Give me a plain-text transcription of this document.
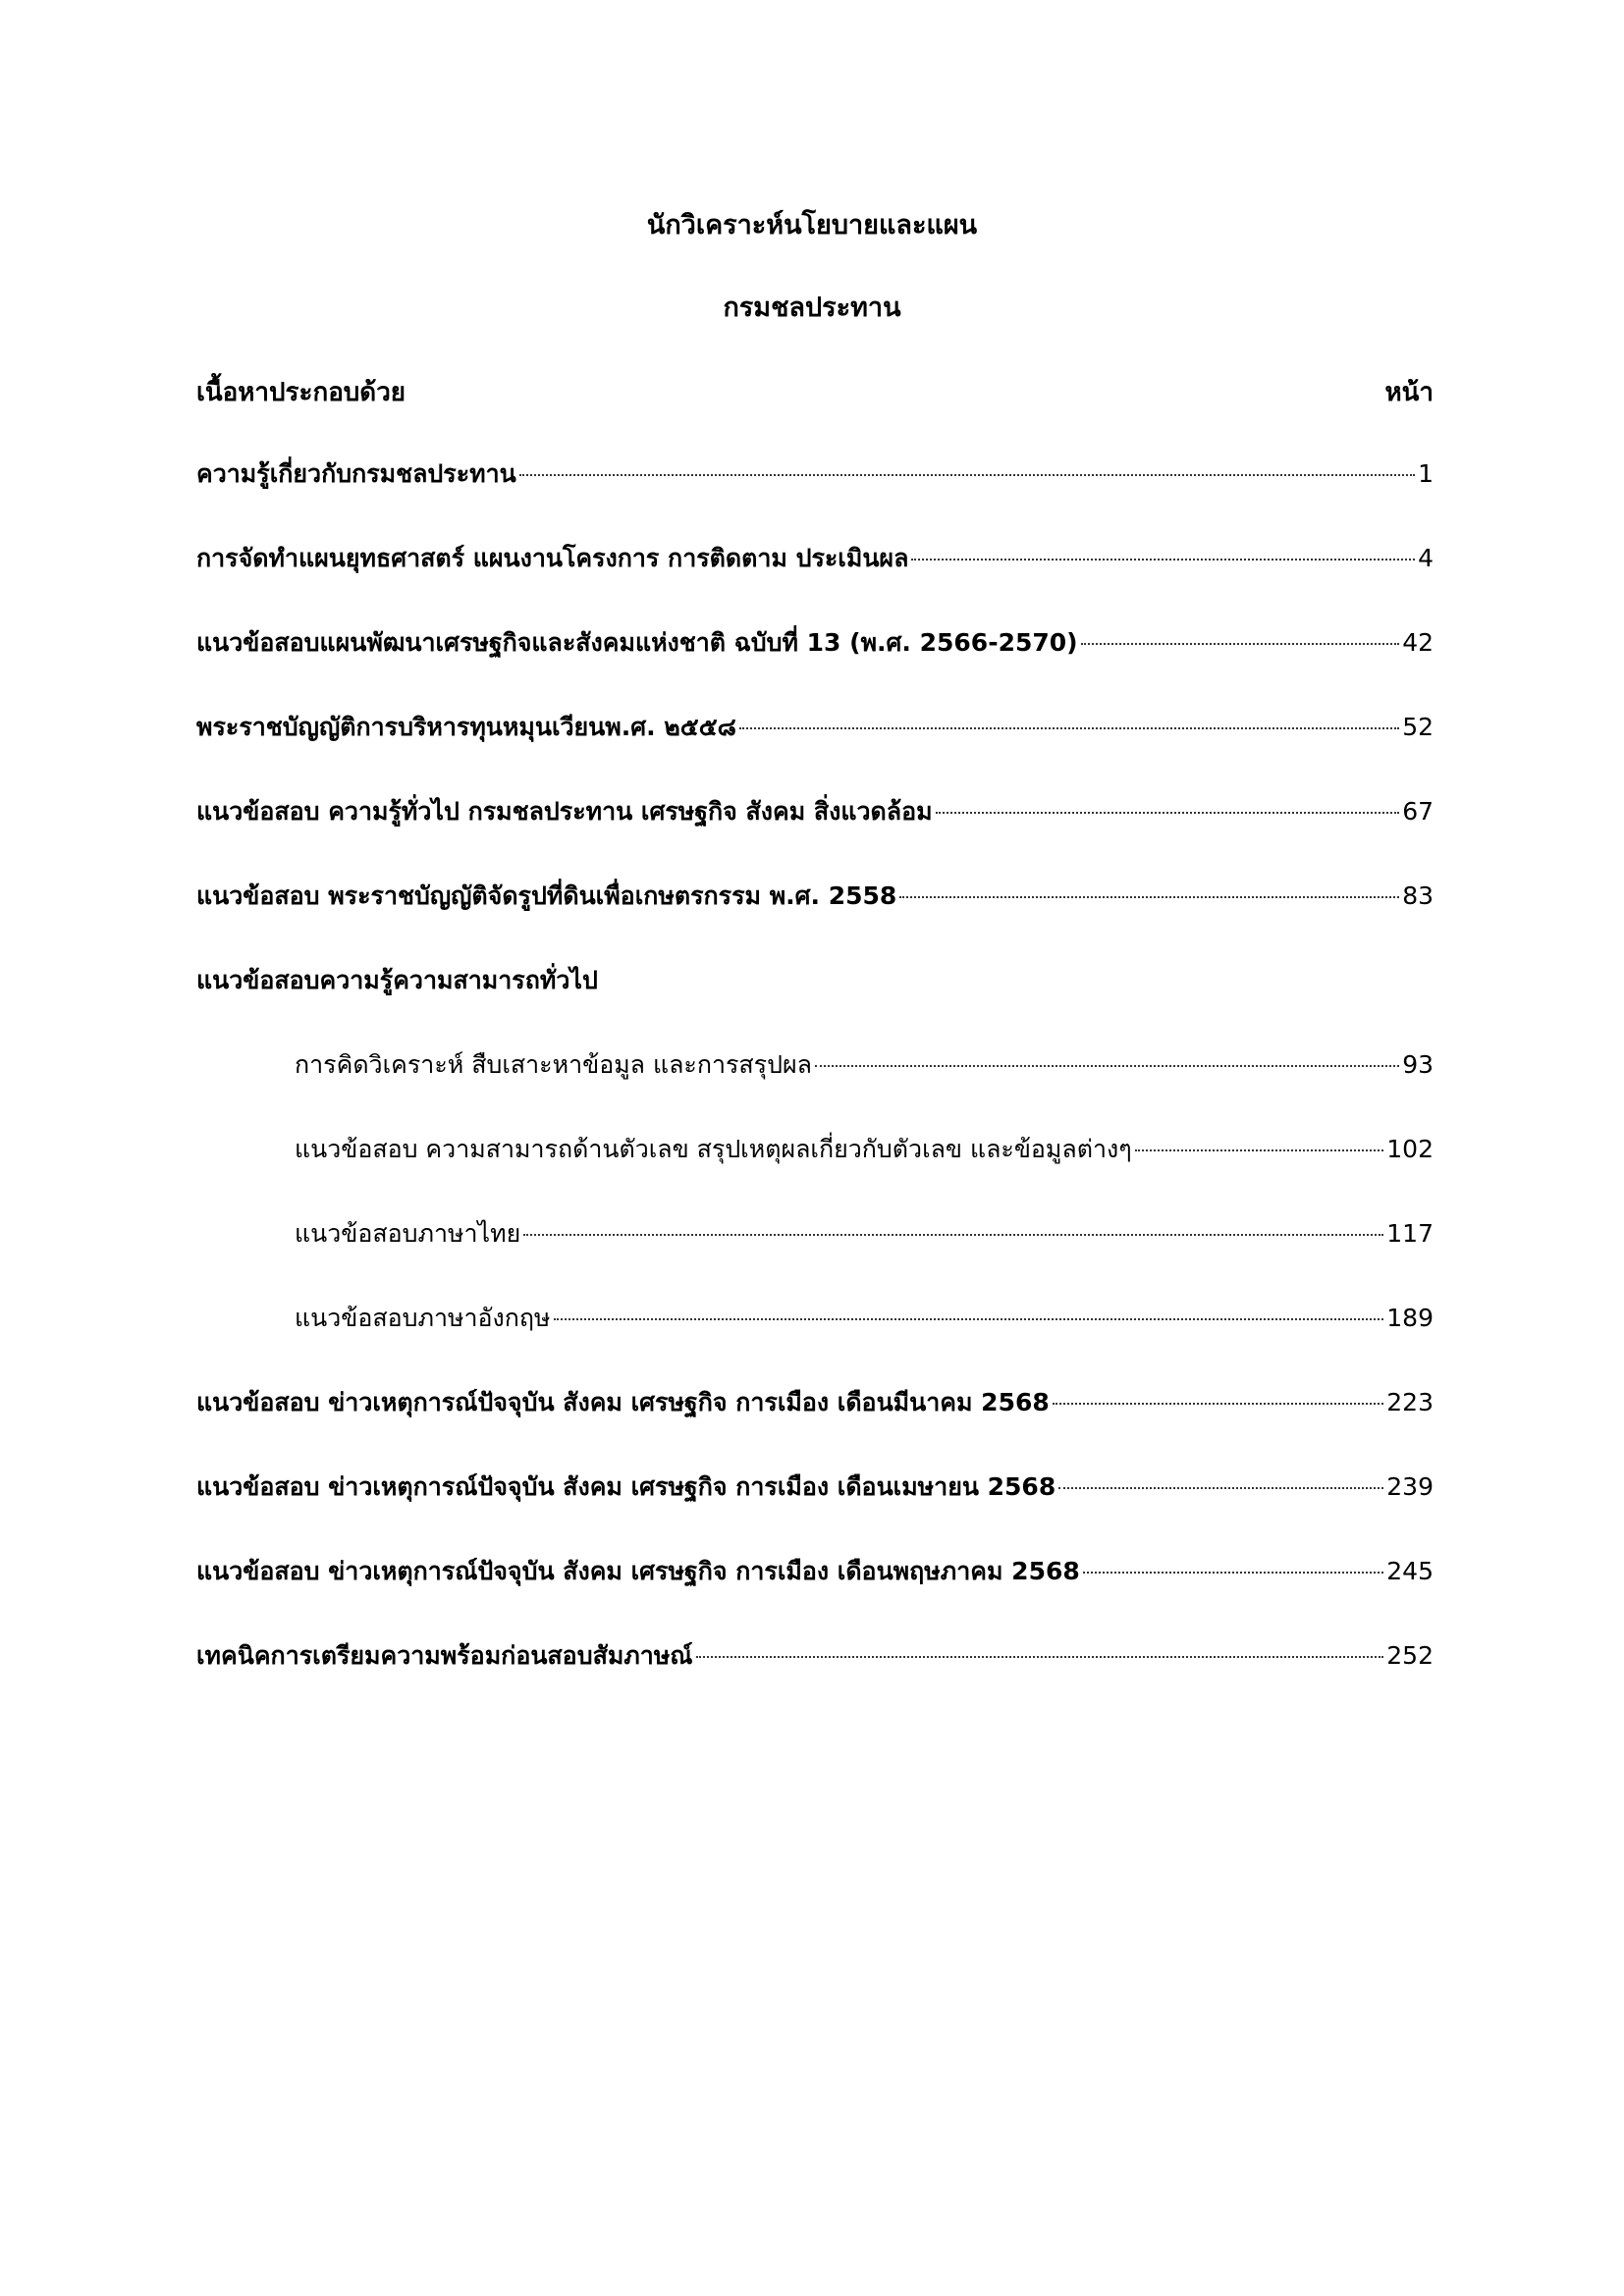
นักวิเคราะห์นโยบายและแผน
กรมชลประทาน
เนื้อหาประกอบด้วย	หน้า
ความรู้เกี่ยวกับกรมชลประทาน	1
การจัดทำแผนยุทธศาสตร์ แผนงานโครงการ การติดตาม ประเมินผล	4
แนวข้อสอบแผนพัฒนาเศรษฐกิจและสังคมแห่งชาติ ฉบับที่ 13 (พ.ศ. 2566-2570)	42
พระราชบัญญัติการบริหารทุนหมุนเวียนพ.ศ. ๒๕๕๘	52
แนวข้อสอบ ความรู้ทั่วไป กรมชลประทาน เศรษฐกิจ สังคม สิ่งแวดล้อม	67
แนวข้อสอบ พระราชบัญญัติจัดรูปที่ดินเพื่อเกษตรกรรม พ.ศ. 2558	83
แนวข้อสอบความรู้ความสามารถทั่วไป
การคิดวิเคราะห์ สืบเสาะหาข้อมูล และการสรุปผล	93
แนวข้อสอบ ความสามารถด้านตัวเลข สรุปเหตุผลเกี่ยวกับตัวเลข และข้อมูลต่างๆ	102
แนวข้อสอบภาษาไทย	117
แนวข้อสอบภาษาอังกฤษ	189
แนวข้อสอบ ข่าวเหตุการณ์ปัจจุบัน สังคม เศรษฐกิจ การเมือง เดือนมีนาคม 2568	223
แนวข้อสอบ ข่าวเหตุการณ์ปัจจุบัน สังคม เศรษฐกิจ การเมือง เดือนเมษายน 2568	239
แนวข้อสอบ ข่าวเหตุการณ์ปัจจุบัน สังคม เศรษฐกิจ การเมือง เดือนพฤษภาคม 2568	245
เทคนิคการเตรียมความพร้อมก่อนสอบสัมภาษณ์	252
